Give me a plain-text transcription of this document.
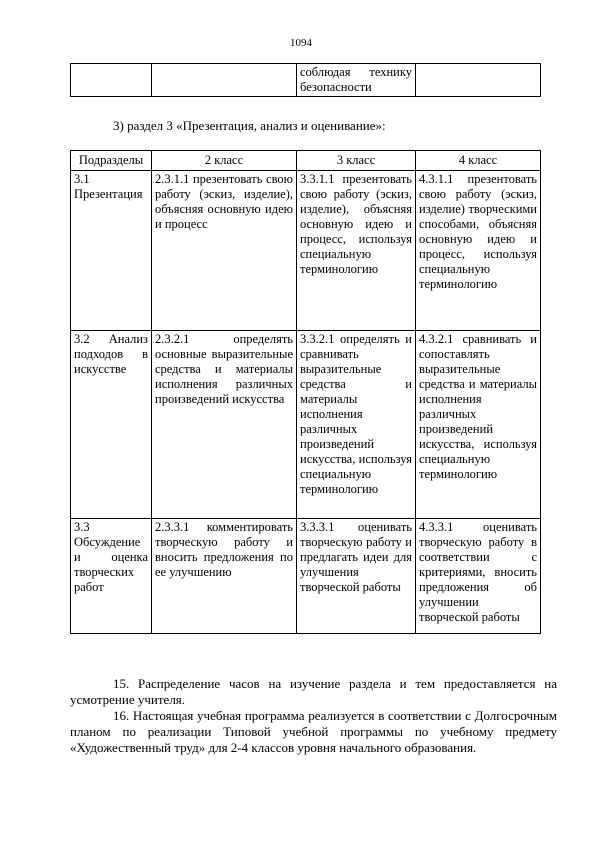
1094
		соблюдая технику безопасности	
3) раздел 3 «Презентация, анализ и оценивание»:
Подразделы	2 класс	3 класс	4 класс
3.1 Презентация	2.3.1.1 презентовать свою работу (эскиз, изделие), объясняя основную идею и процесс	3.3.1.1 презентовать свою работу (эскиз, изделие), объясняя основную идею и процесс, используя специальную терминологию	4.3.1.1 презентовать свою работу (эскиз, изделие) творческими способами, объясняя основную идею и процесс, используя специальную терминологию
3.2 Анализ подходов в искусстве	2.3.2.1 определять основные выразительные средства и материалы исполнения различных произведений искусства	3.3.2.1 определять и сравнивать выразительные средства и материалы исполнения различных произведений искусства, используя специальную терминологию	4.3.2.1 сравнивать и сопоставлять выразительные средства и материалы исполнения различных произведений искусства, используя специальную терминологию
3.3 Обсуждение и оценка творческих работ	2.3.3.1 комментировать творческую работу и вносить предложения по ее улучшению	3.3.3.1 оценивать творческую работу и предлагать идеи для улучшения творческой работы	4.3.3.1 оценивать творческую работу в соответствии с критериями, вносить предложения об улучшении творческой работы

15. Распределение часов на изучение раздела и тем предоставляется на усмотрение учителя.

16. Настоящая учебная программа реализуется в соответствии с Долгосрочным планом по реализации Типовой учебной программы по учебному предмету «Художественный труд» для 2-4 классов уровня начального образования.
